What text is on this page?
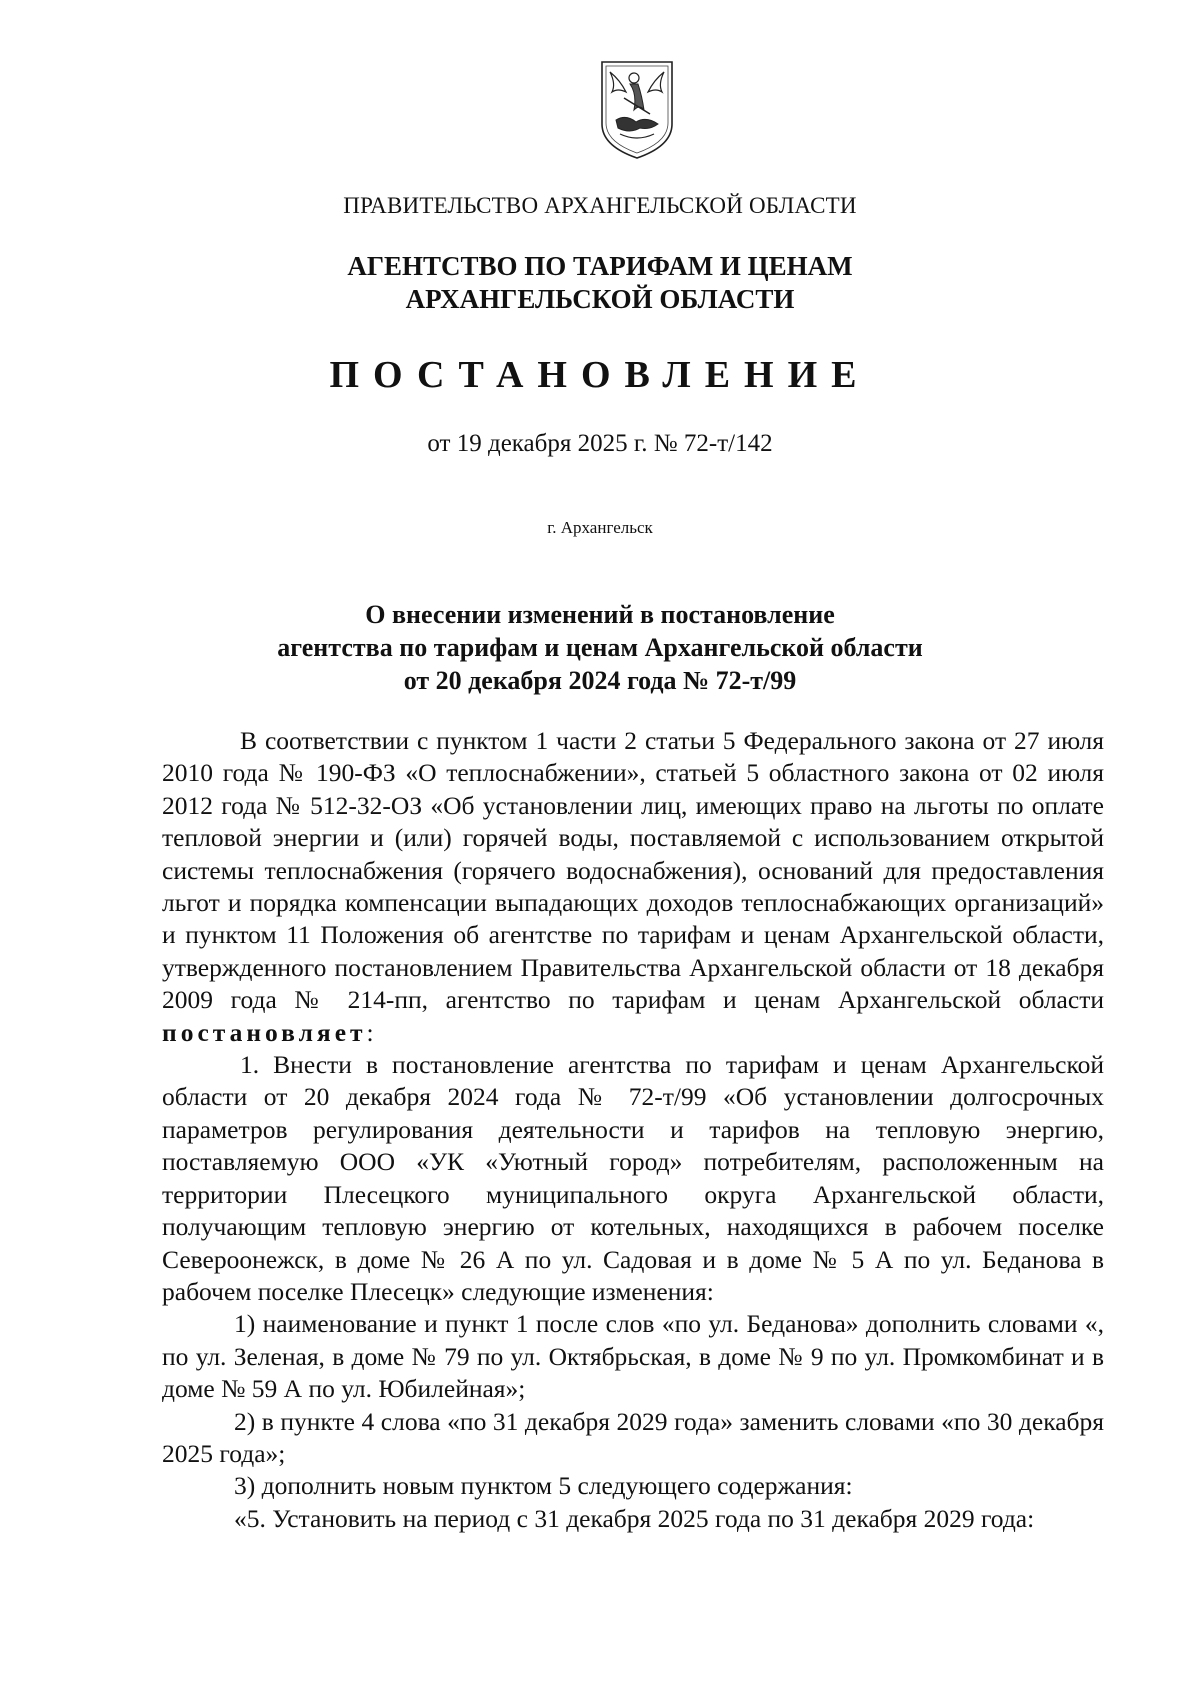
ПРАВИТЕЛЬСТВО АРХАНГЕЛЬСКОЙ ОБЛАСТИ
АГЕНТСТВО ПО ТАРИФАМ И ЦЕНАМ
АРХАНГЕЛЬСКОЙ ОБЛАСТИ
ПОСТАНОВЛЕНИЕ
от 19 декабря 2025 г. № 72-т/142
г. Архангельск
О внесении изменений в постановление
агентства по тарифам и ценам Архангельской области
от 20 декабря 2024 года № 72-т/99

В соответствии с пунктом 1 части 2 статьи 5 Федерального закона от 27 июля 2010 года № 190-ФЗ «О теплоснабжении», статьей 5 областного закона от 02 июля 2012 года № 512-32-ОЗ «Об установлении лиц, имеющих право на льготы по оплате тепловой энергии и (или) горячей воды, поставляемой с использованием открытой системы теплоснабжения (горячего водоснабжения), оснований для предоставления льгот и порядка компенсации выпадающих доходов теплоснабжающих организаций» и пунктом 11 Положения об агентстве по тарифам и ценам Архангельской области, утвержденного постановлением Правительства Архангельской области от 18 декабря 2009 года № 214-пп, агентство по тарифам и ценам Архангельской области постановляет:

1. Внести в постановление агентства по тарифам и ценам Архангельской области от 20 декабря 2024 года № 72-т/99 «Об установлении долгосрочных параметров регулирования деятельности и тарифов на тепловую энергию, поставляемую ООО «УК «Уютный город» потребителям, расположенным на территории Плесецкого муниципального округа Архангельской области, получающим тепловую энергию от котельных, находящихся в рабочем поселке Североонежск, в доме № 26 А по ул. Садовая и в доме № 5 А по ул. Беданова в рабочем поселке Плесецк» следующие изменения:

1) наименование и пункт 1 после слов «по ул. Беданова» дополнить словами «, по ул. Зеленая, в доме № 79 по ул. Октябрьская, в доме № 9 по ул. Промкомбинат и в доме № 59 А по ул. Юбилейная»;

2) в пункте 4 слова «по 31 декабря 2029 года» заменить словами «по 30 декабря 2025 года»;

3) дополнить новым пунктом 5 следующего содержания:

«5. Установить на период с 31 декабря 2025 года по 31 декабря 2029 года:
